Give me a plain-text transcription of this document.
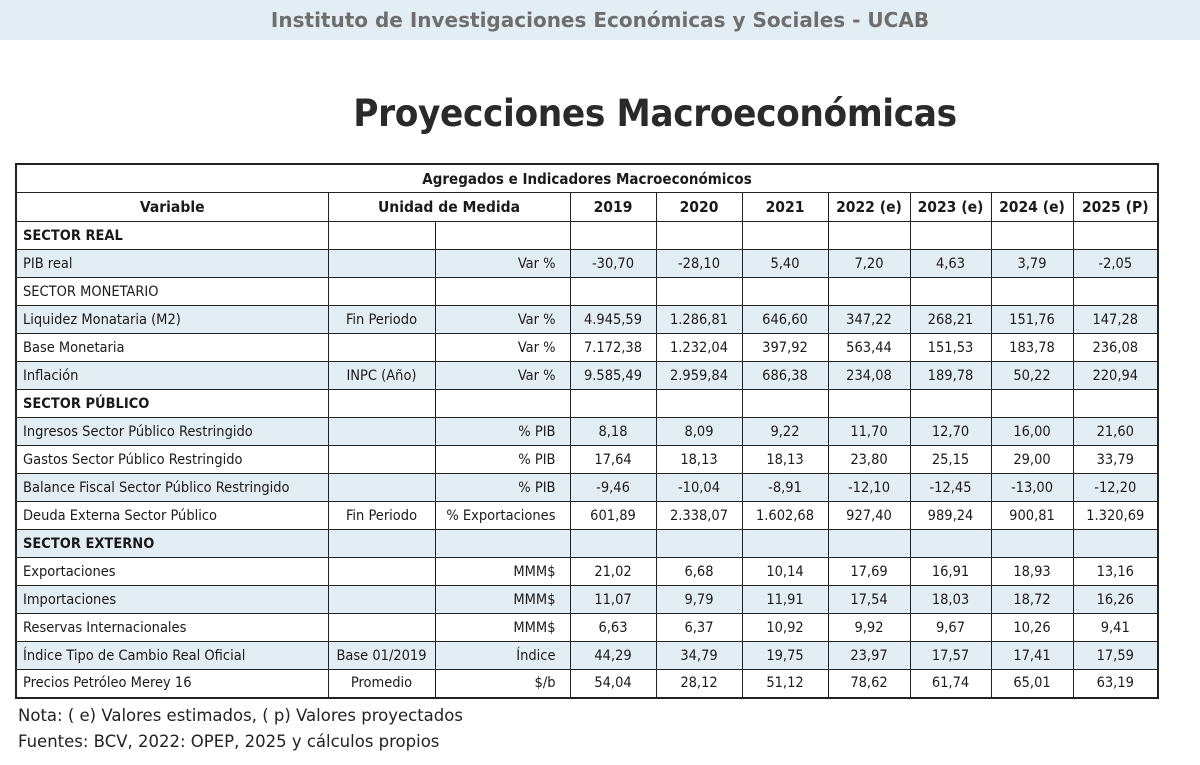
Instituto de Investigaciones Económicas y Sociales - UCAB
Proyecciones Macroeconómicas
Agregados e Indicadores Macroeconómicos									
Variable	Unidad de Medida		2019	2020	2021	2022 (e)	2023 (e)	2024 (e)	2025 (P)
SECTOR REAL									
PIB real		Var %	-30,70	-28,10	5,40	7,20	4,63	3,79	-2,05
SECTOR MONETARIO									
Liquidez Monataria (M2)	Fin Periodo	Var %	4.945,59	1.286,81	646,60	347,22	268,21	151,76	147,28
Base Monetaria		Var %	7.172,38	1.232,04	397,92	563,44	151,53	183,78	236,08
Inflación	INPC (Año)	Var %	9.585,49	2.959,84	686,38	234,08	189,78	50,22	220,94
SECTOR PÚBLICO									
Ingresos Sector Público Restringido		% PIB	8,18	8,09	9,22	11,70	12,70	16,00	21,60
Gastos Sector Público Restringido		% PIB	17,64	18,13	18,13	23,80	25,15	29,00	33,79
Balance Fiscal Sector Público Restringido		% PIB	-9,46	-10,04	-8,91	-12,10	-12,45	-13,00	-12,20
Deuda Externa Sector Público	Fin Periodo	% Exportaciones	601,89	2.338,07	1.602,68	927,40	989,24	900,81	1.320,69
SECTOR EXTERNO									
Exportaciones		MMM$	21,02	6,68	10,14	17,69	16,91	18,93	13,16
Importaciones		MMM$	11,07	9,79	11,91	17,54	18,03	18,72	16,26
Reservas Internacionales		MMM$	6,63	6,37	10,92	9,92	9,67	10,26	9,41
Índice Tipo de Cambio Real Oficial	Base 01/2019	Índice	44,29	34,79	19,75	23,97	17,57	17,41	17,59
Precios Petróleo Merey 16	Promedio	$/b	54,04	28,12	51,12	78,62	61,74	65,01	63,19
Nota: ( e) Valores estimados, ( p) Valores proyectados
Fuentes: BCV, 2022: OPEP, 2025 y cálculos propios
